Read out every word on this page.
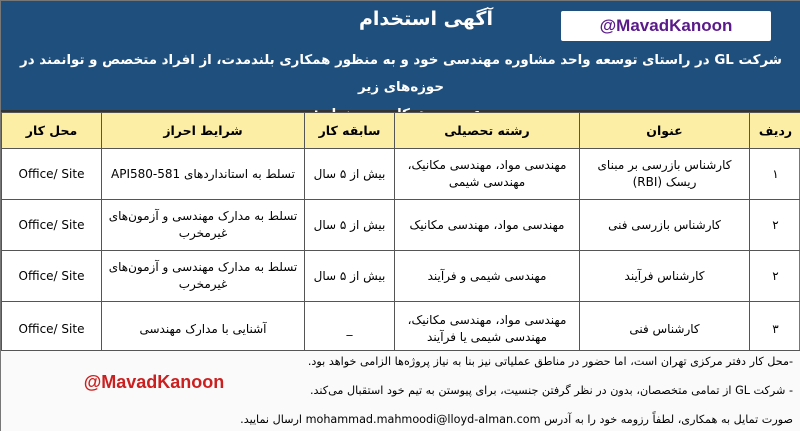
@MavadKanoon
آگهی استخدام
شرکت GL در راستای توسعه واحد مشاوره مهندسی خود و به منظور همکاری بلندمدت، از افراد متخصص و توانمند در حوزه‌های زیر
ردیف	عنوان	رشته تحصیلی	سابقه کار	شرایط احراز	محل کار
۱	کارشناس بازرسی بر مبنای ریسک (RBI)	مهندسی مواد، مهندسی مکانیک، مهندسی شیمی	بیش از ۵ سال	تسلط به استانداردهای API580-581	Office/ Site
۲	کارشناس بازرسی فنی	مهندسی مواد، مهندسی مکانیک	بیش از ۵ سال	تسلط به مدارک مهندسی و آزمون‌های غیرمخرب	Office/ Site
۲	کارشناس فرآیند	مهندسی شیمی و فرآیند	بیش از ۵ سال	تسلط به مدارک مهندسی و آزمون‌های غیرمخرب	Office/ Site
۳	کارشناس فنی	مهندسی مواد، مهندسی مکانیک، مهندسی شیمی یا فرآیند	_	آشنایی با مدارک مهندسی	Office/ Site
@MavadKanoon
-محل کار دفتر مرکزی تهران است، اما حضور در مناطق عملیاتی نیز بنا به نیاز پروژه‌ها الزامی خواهد بود.
- شرکت GL از تمامی متخصصان، بدون در نظر گرفتن جنسیت، برای پیوستن به تیم خود استقبال می‌کند.
صورت تمایل به همکاری، لطفاً رزومه خود را به آدرس mohammad.mahmoodi@lloyd-alman.com ارسال نمایید.
